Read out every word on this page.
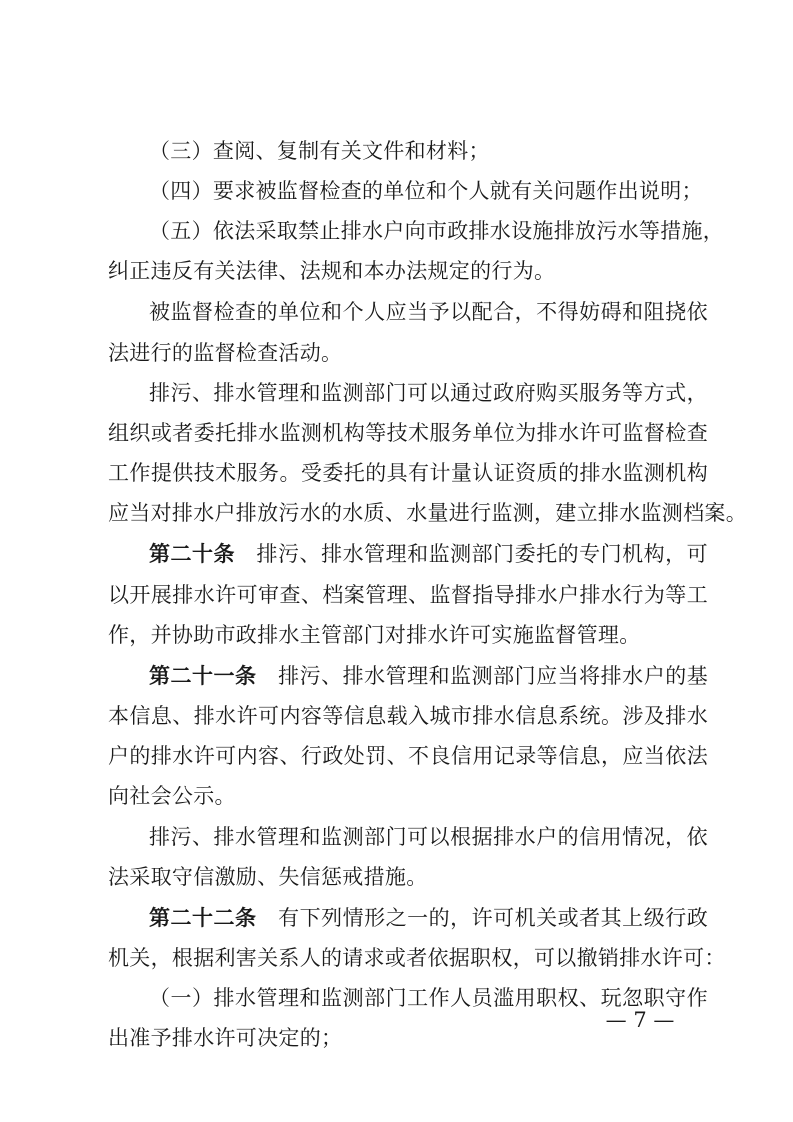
（三）查阅、复制有关文件和材料；
（四）要求被监督检查的单位和个人就有关问题作出说明；
（五）依法采取禁止排水户向市政排水设施排放污水等措施，
纠正违反有关法律、法规和本办法规定的行为。
被监督检查的单位和个人应当予以配合，不得妨碍和阻挠依
法进行的监督检查活动。
排污、排水管理和监测部门可以通过政府购买服务等方式，
组织或者委托排水监测机构等技术服务单位为排水许可监督检查
工作提供技术服务。受委托的具有计量认证资质的排水监测机构
应当对排水户排放污水的水质、水量进行监测，建立排水监测档案。
第二十条　 排污、排水管理和监测部门委托的专门机构，可
以开展排水许可审查、档案管理、监督指导排水户排水行为等工
作，并协助市政排水主管部门对排水许可实施监督管理。
第二十一条　 排污、排水管理和监测部门应当将排水户的基
本信息、排水许可内容等信息载入城市排水信息系统。涉及排水
户的排水许可内容、行政处罚、不良信用记录等信息，应当依法
向社会公示。
排污、排水管理和监测部门可以根据排水户的信用情况，依
法采取守信激励、失信惩戒措施。
第二十二条　 有下列情形之一的，许可机关或者其上级行政
机关，根据利害关系人的请求或者依据职权，可以撤销排水许可：
（一）排水管理和监测部门工作人员滥用职权、玩忽职守作
出准予排水许可决定的；
— 7 —
